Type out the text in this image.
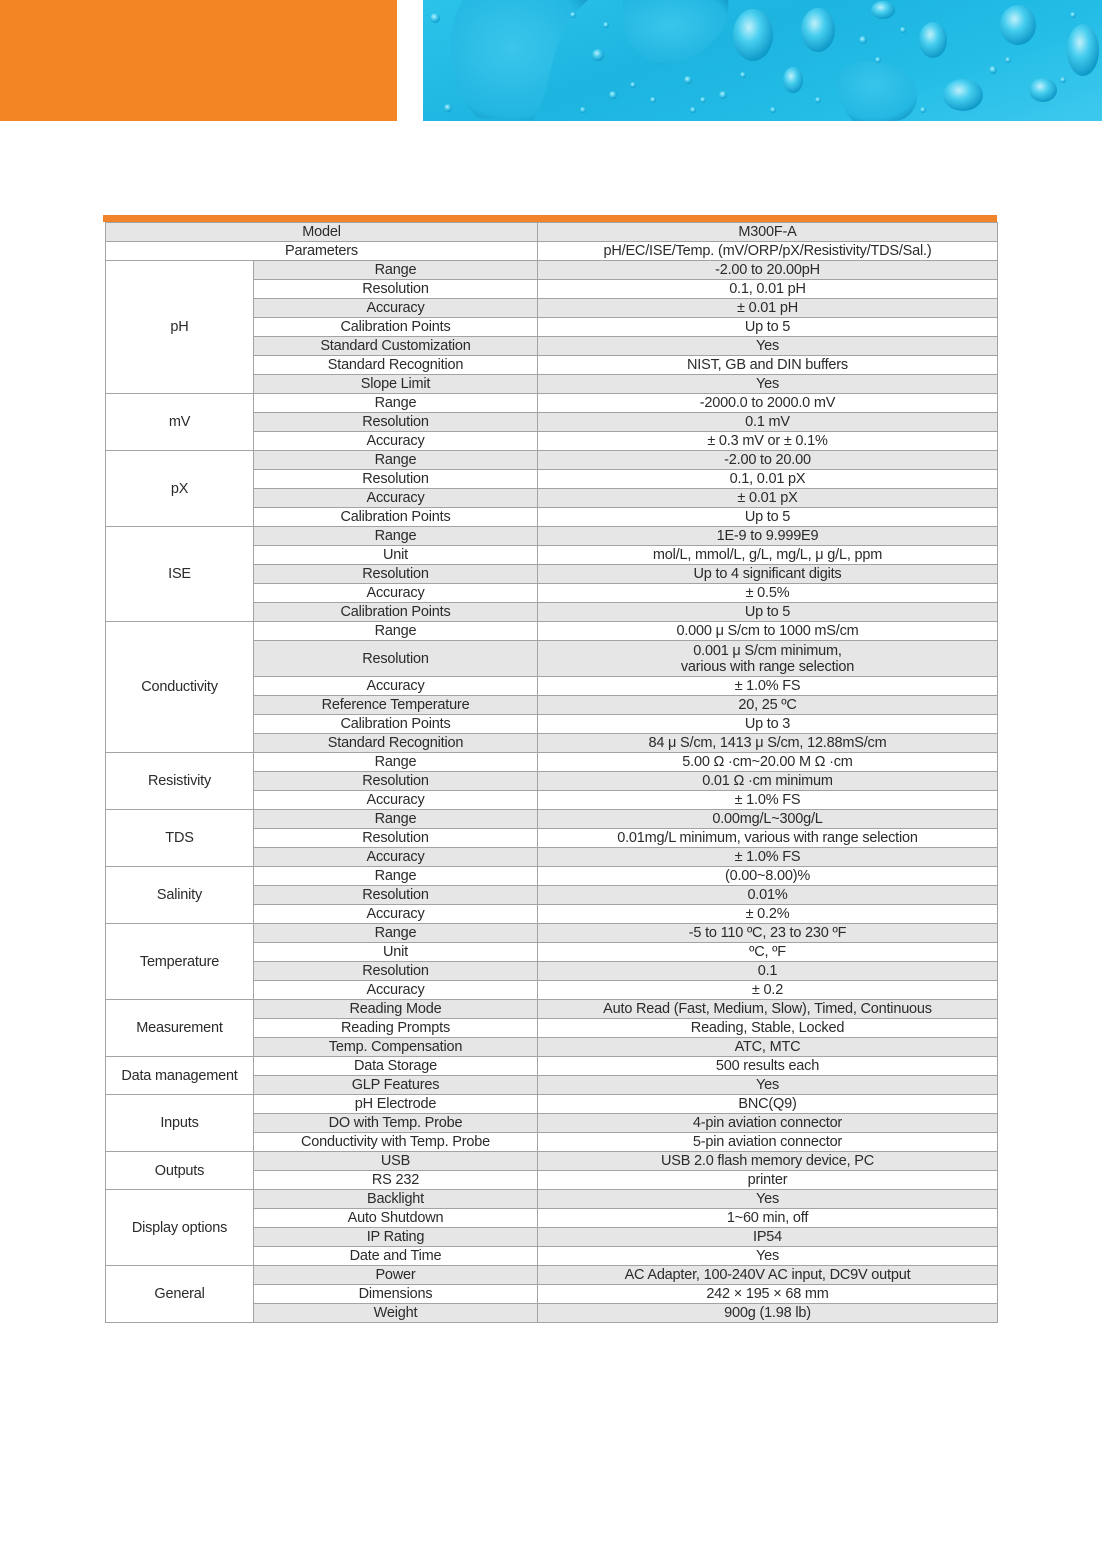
Model		M300F-A
Parameters		pH/EC/ISE/Temp. (mV/ORP/pX/Resistivity/TDS/Sal.)
pH	Range	-2.00 to 20.00pH
	Resolution	0.1, 0.01 pH
	Accuracy	± 0.01 pH
	Calibration Points	Up to 5
	Standard Customization	Yes
	Standard Recognition	NIST, GB and DIN buffers
	Slope Limit	Yes
mV	Range	-2000.0 to 2000.0 mV
	Resolution	0.1 mV
	Accuracy	± 0.3 mV or ± 0.1%
pX	Range	-2.00 to 20.00
	Resolution	0.1, 0.01 pX
	Accuracy	± 0.01 pX
	Calibration Points	Up to 5
ISE	Range	1E-9 to 9.999E9
	Unit	mol/L, mmol/L, g/L, mg/L, μ g/L, ppm
	Resolution	Up to 4 significant digits
	Accuracy	± 0.5%
	Calibration Points	Up to 5
Conductivity	Range	0.000 μ S/cm to 1000 mS/cm
	Resolution	0.001 μ S/cm minimum,
various with range selection

	Accuracy	± 1.0% FS
	Reference Temperature	20, 25 ºC
	Calibration Points	Up to 3
	Standard Recognition	84 μ S/cm, 1413 μ S/cm, 12.88mS/cm
Resistivity	Range	5.00 Ω ·cm~20.00 M Ω ·cm
	Resolution	0.01 Ω ·cm minimum
	Accuracy	± 1.0% FS
TDS	Range	0.00mg/L~300g/L
	Resolution	0.01mg/L minimum, various with range selection
	Accuracy	± 1.0% FS
Salinity	Range	(0.00~8.00)%
	Resolution	0.01%
	Accuracy	± 0.2%
Temperature	Range	-5 to 110 ºC, 23 to 230 ºF
	Unit	ºC, ºF
	Resolution	0.1
	Accuracy	± 0.2
Measurement	Reading Mode	Auto Read (Fast, Medium, Slow), Timed, Continuous
	Reading Prompts	Reading, Stable, Locked
	Temp. Compensation	ATC, MTC
Data management	Data Storage	500 results each
	GLP Features	Yes
Inputs	pH Electrode	BNC(Q9)
	DO with Temp. Probe	4-pin aviation connector
	Conductivity with Temp. Probe	5-pin aviation connector
Outputs	USB	USB 2.0 flash memory device, PC
	RS 232	printer
Display options	Backlight	Yes
	Auto Shutdown	1~60 min, off
	IP Rating	IP54
	Date and Time	Yes
General	Power	AC Adapter, 100-240V AC input, DC9V output
	Dimensions	242 × 195 × 68 mm
	Weight	900g (1.98 lb)
